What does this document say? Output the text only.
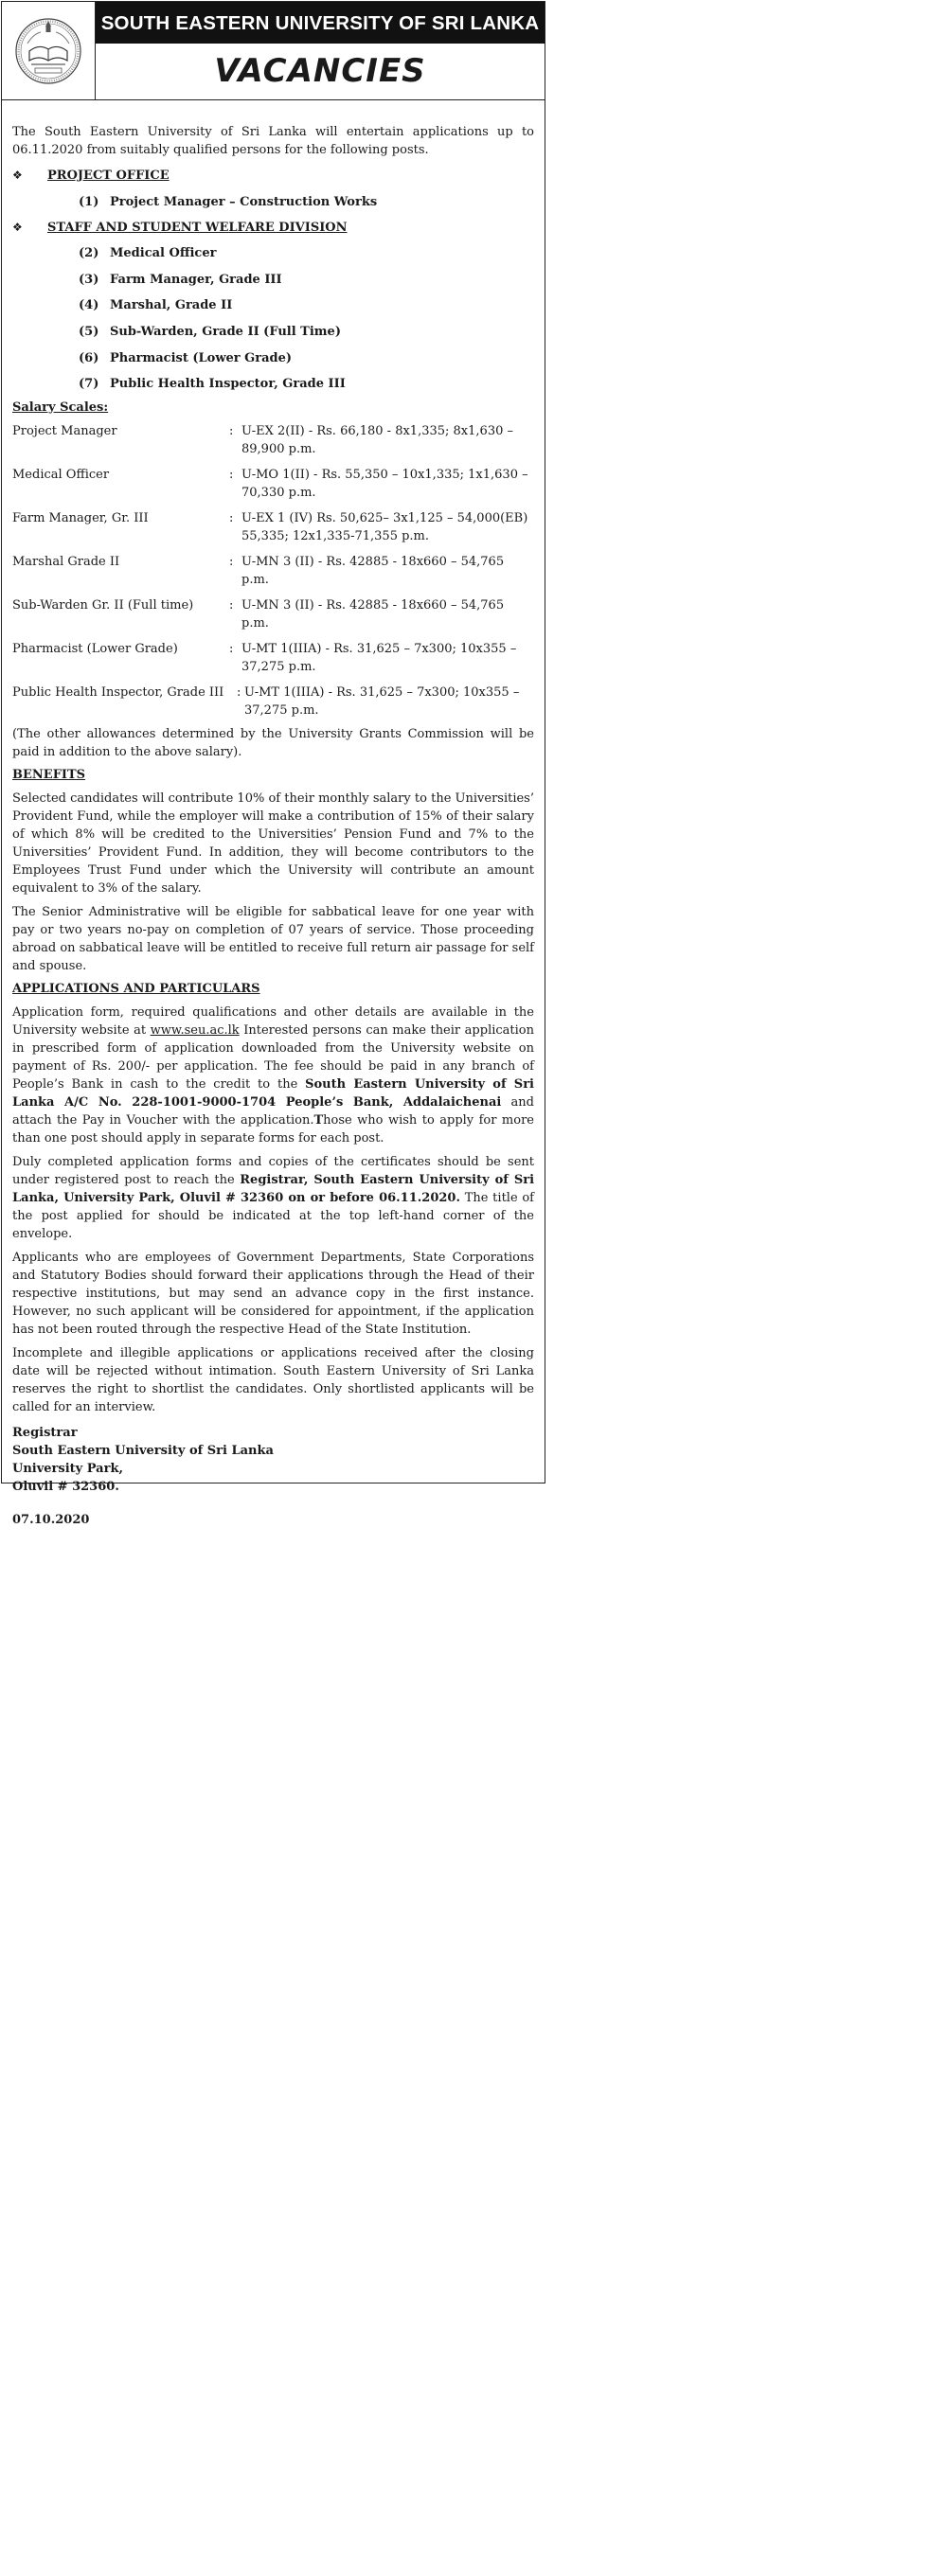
SOUTH EASTERN UNIVERSITY OF SRI LANKA
VACANCIES

The South Eastern University of Sri Lanka will entertain applications up to 06.11.2020 from suitably qualified persons for the following posts.

❖	PROJECT OFFICE
(1) Project Manager – Construction Works
❖	STAFF AND STUDENT WELFARE DIVISION
(2) Medical Officer
(3) Farm Manager, Grade III
(4) Marshal, Grade II
(5) Sub-Warden, Grade II (Full Time)
(6) Pharmacist (Lower Grade)
(7) Public Health Inspector, Grade III

Salary Scales:

Project Manager	: U-EX 2(II) - Rs. 66,180 - 8x1,335; 8x1,630 – 89,900 p.m.
Medical Officer	: U-MO 1(II) - Rs. 55,350 – 10x1,335; 1x1,630 – 70,330 p.m.
Farm Manager, Gr. III	: U-EX 1 (IV) Rs. 50,625– 3x1,125 – 54,000(EB) 55,335; 12x1,335-71,355 p.m.
Marshal Grade II	: U-MN 3 (II) - Rs. 42885 - 18x660 – 54,765 p.m.
Sub-Warden Gr. II (Full time)	: U-MN 3 (II) - Rs. 42885 - 18x660 – 54,765 p.m.
Pharmacist (Lower Grade)	: U-MT 1(IIIA) - Rs. 31,625 – 7x300; 10x355 – 37,275 p.m.
Public Health Inspector, Grade III	: U-MT 1(IIIA) - Rs. 31,625 – 7x300; 10x355 – 37,275 p.m.

(The other allowances determined by the University Grants Commission will be paid in addition to the above salary).

BENEFITS

Selected candidates will contribute 10% of their monthly salary to the Universities’ Provident Fund, while the employer will make a contribution of 15% of their salary of which 8% will be credited to the Universities’ Pension Fund and 7% to the Universities’ Provident Fund. In addition, they will become contributors to the Employees Trust Fund under which the University will contribute an amount equivalent to 3% of the salary.

The Senior Administrative will be eligible for sabbatical leave for one year with pay or two years no-pay on completion of 07 years of service. Those proceeding abroad on sabbatical leave will be entitled to receive full return air passage for self and spouse.

APPLICATIONS AND PARTICULARS

Application form, required qualifications and other details are available in the University website at www.seu.ac.lk Interested persons can make their application in prescribed form of application downloaded from the University website on payment of Rs. 200/- per application. The fee should be paid in any branch of People’s Bank in cash to the credit to the South Eastern University of Sri Lanka A/C No. 228-1001-9000-1704 People’s Bank, Addalaichenai and attach the Pay in Voucher with the application.Those who wish to apply for more than one post should apply in separate forms for each post.

Duly completed application forms and copies of the certificates should be sent under registered post to reach the Registrar, South Eastern University of Sri Lanka, University Park, Oluvil # 32360 on or before 06.11.2020. The title of the post applied for should be indicated at the top left-hand corner of the envelope.

Applicants who are employees of Government Departments, State Corporations and Statutory Bodies should forward their applications through the Head of their respective institutions, but may send an advance copy in the first instance. However, no such applicant will be considered for appointment, if the application has not been routed through the respective Head of the State Institution.

Incomplete and illegible applications or applications received after the closing date will be rejected without intimation. South Eastern University of Sri Lanka reserves the right to shortlist the candidates. Only shortlisted applicants will be called for an interview.

Registrar

South Eastern University of Sri Lanka

University Park,

Oluvil # 32360.

07.10.2020
